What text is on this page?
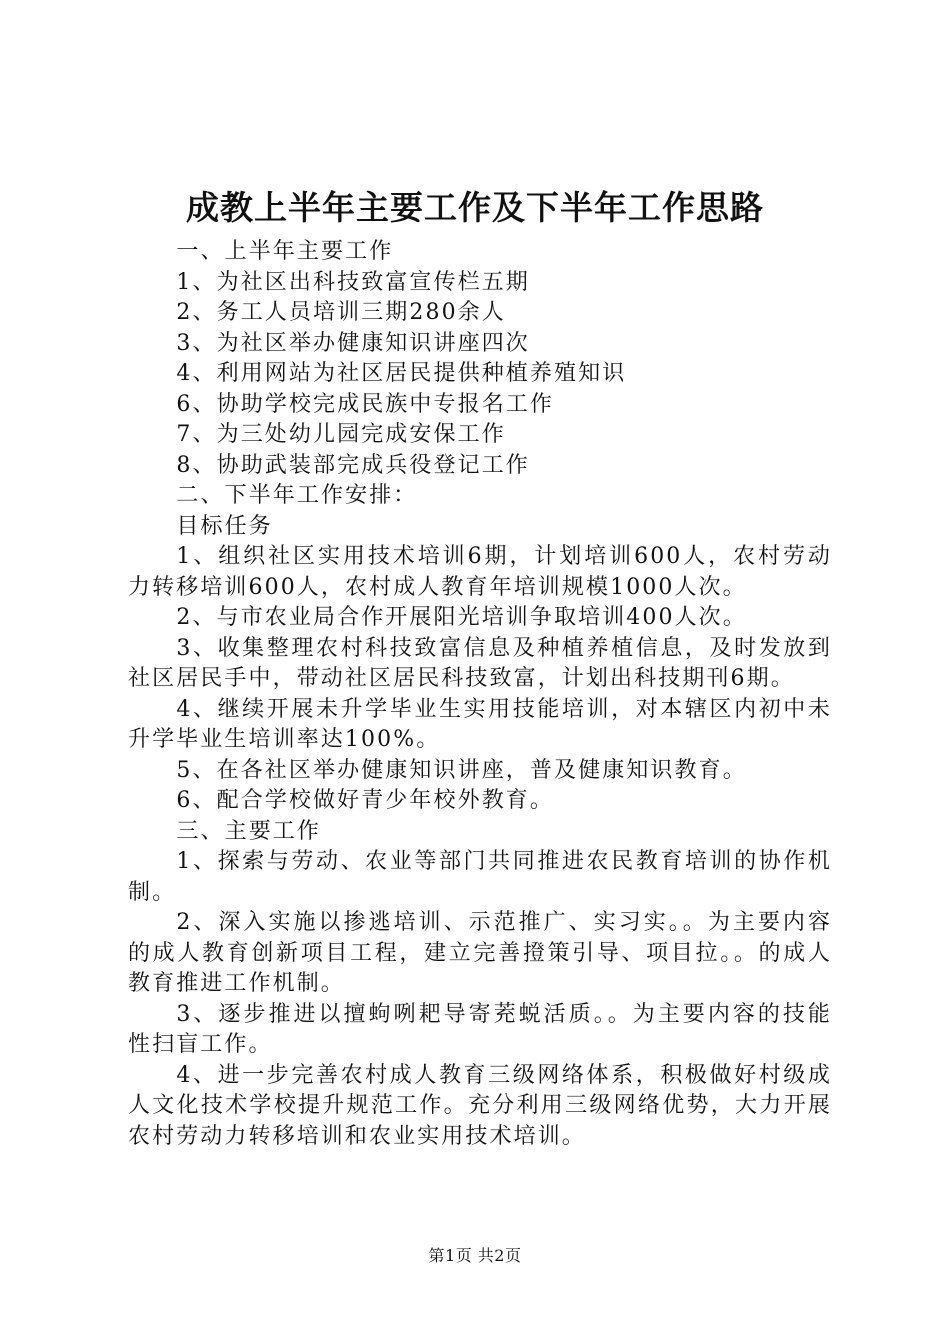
成教上半年主要工作及下半年工作思路

一、上半年主要工作

1、为社区出科技致富宣传栏五期

2、务工人员培训三期280余人

3、为社区举办健康知识讲座四次

4、利用网站为社区居民提供种植养殖知识

6、协助学校完成民族中专报名工作

7、为三处幼儿园完成安保工作

8、协助武装部完成兵役登记工作

二、下半年工作安排：

目标任务

1、组织社区实用技术培训6期，计划培训600人，农村劳动力转移培训600人，农村成人教育年培训规模1000人次。

2、与市农业局合作开展阳光培训争取培训400人次。

3、收集整理农村科技致富信息及种植养植信息，及时发放到社区居民手中，带动社区居民科技致富，计划出科技期刊6期。

4、继续开展未升学毕业生实用技能培训，对本辖区内初中未升学毕业生培训率达100%。

5、在各社区举办健康知识讲座，普及健康知识教育。

6、配合学校做好青少年校外教育。

三、主要工作

1、探索与劳动、农业等部门共同推进农民教育培训的协作机制。

2、深入实施以掺逃培训、示范推广、实习实。。为主要内容的成人教育创新项目工程，建立完善撜策引导、项目拉。。的成人教育推进工作机制。

3、逐步推进以擅蚼咧耙导寄茺蜕活质。。为主要内容的技能性扫盲工作。

4、进一步完善农村成人教育三级网络体系，积极做好村级成人文化技术学校提升规范工作。充分利用三级网络优势，大力开展农村劳动力转移培训和农业实用技术培训。

第1页 共2页
